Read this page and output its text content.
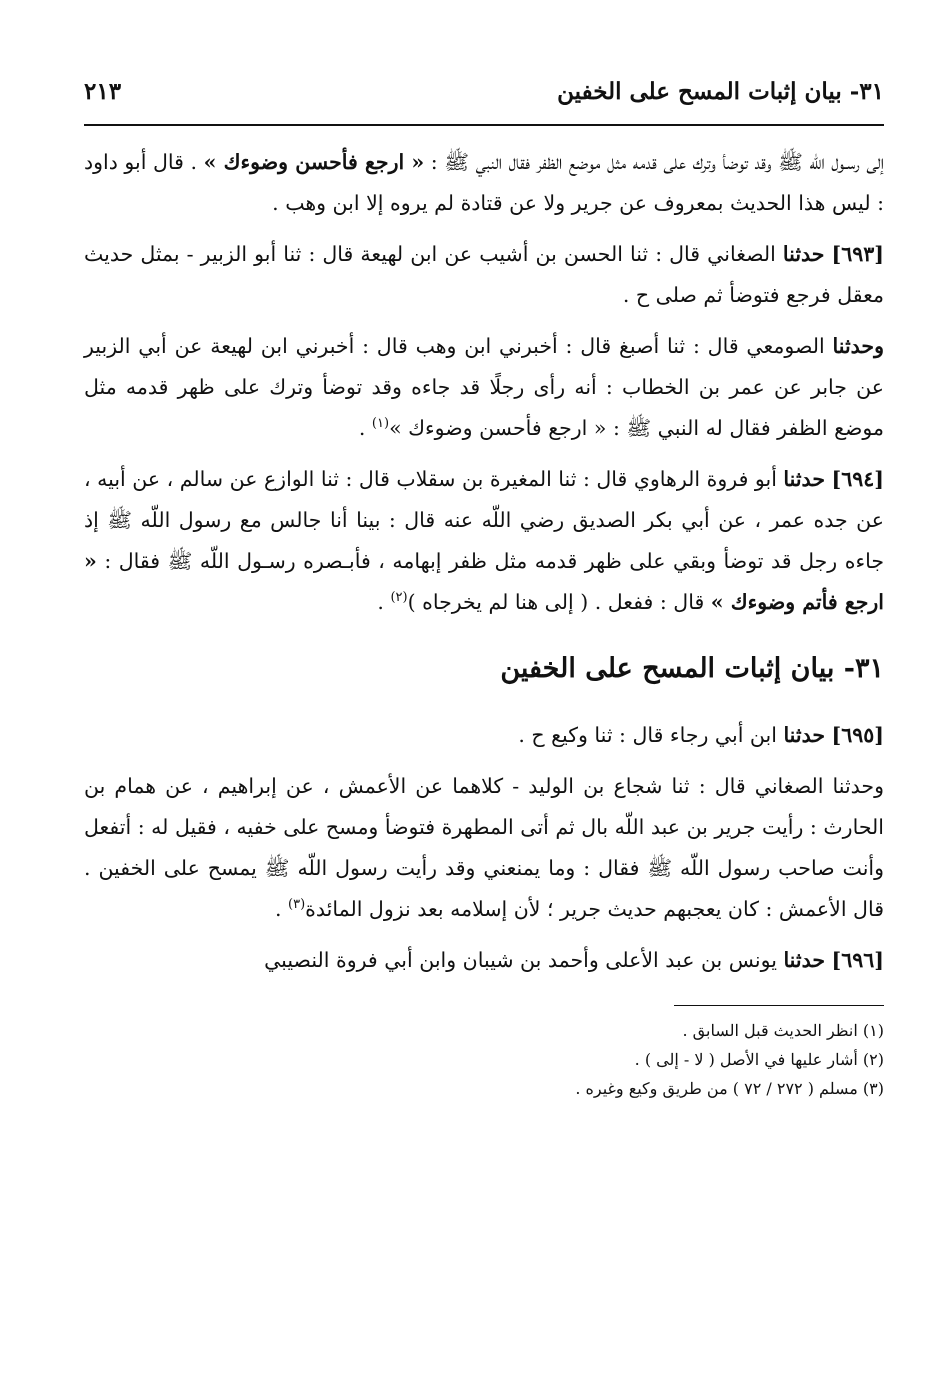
٣١- بيان إثبات المسح على الخفين
٢١٣

إلى رسـول اللّه ﷺ وقد توضأ وترك على قدمه مثل موضع الظفر فقال النبي ﷺ : « ارجع فأحسن وضوءك » . قال أبو داود : ليس هذا الحديث بمعروف عن جرير ولا عن قتادة لم يروه إلا ابن وهب .

[٦٩٣] حدثنا الصغاني قال : ثنا الحسن بن أشيب عن ابن لهيعة قال : ثنا أبو الزبير - بمثل حديث معقل فرجع فتوضأ ثم صلى ح .

وحدثنا الصومعي قال : ثنا أصبغ قال : أخبرني ابن وهب قال : أخبرني ابن لهيعة عن أبي الزبير عن جابر عن عمر بن الخطاب : أنه رأى رجلًا قد جاءه وقد توضأ وترك على ظهر قدمه مثل موضع الظفر فقال له النبي ﷺ : « ارجع فأحسن وضوءك »$^{(١)}$ .

[٦٩٤] حدثنا أبو فروة الرهاوي قال : ثنا المغيرة بن سقلاب قال : ثنا الوازع عن سالم ، عن أبيه ، عن جده عمر ، عن أبي بكر الصديق رضي اللّه عنه قال : بينا أنا جالس مع رسول اللّه ﷺ إذ جاءه رجل قد توضأ وبقي على ظهر قدمه مثل ظفر إبهامه ، فأبـصره رسـول اللّه ﷺ فقال : « ارجع فأتم وضوءك » قال : ففعل . ( إلى هنا لم يخرجاه )$^{(٢)}$ .

٣١- بيان إثبات المسح على الخفين

[٦٩٥] حدثنا ابن أبي رجاء قال : ثنا وكيع ح .

وحدثنا الصغاني قال : ثنا شجاع بن الوليد - كلاهما عن الأعمش ، عن إبراهيم ، عن همام بن الحارث : رأيت جرير بن عبد اللّه بال ثم أتى المطهرة فتوضأ ومسح على خفيه ، فقيل له : أتفعل وأنت صاحب رسول اللّه ﷺ فقال : وما يمنعني وقد رأيت رسول اللّه ﷺ يمسح على الخفين . قال الأعمش : كان يعجبهم حديث جرير ؛ لأن إسلامه بعد نزول المائدة$^{(٣)}$ .

[٦٩٦] حدثنا يونس بن عبد الأعلى وأحمد بن شيبان وابن أبي فروة النصيبي

(١) انظر الحديث قبل السابق .

(٢) أشار عليها في الأصل ( لا - إلى ) .

(٣) مسلم ( ٢٧٢ / ٧٢ ) من طريق وكيع وغيره .
